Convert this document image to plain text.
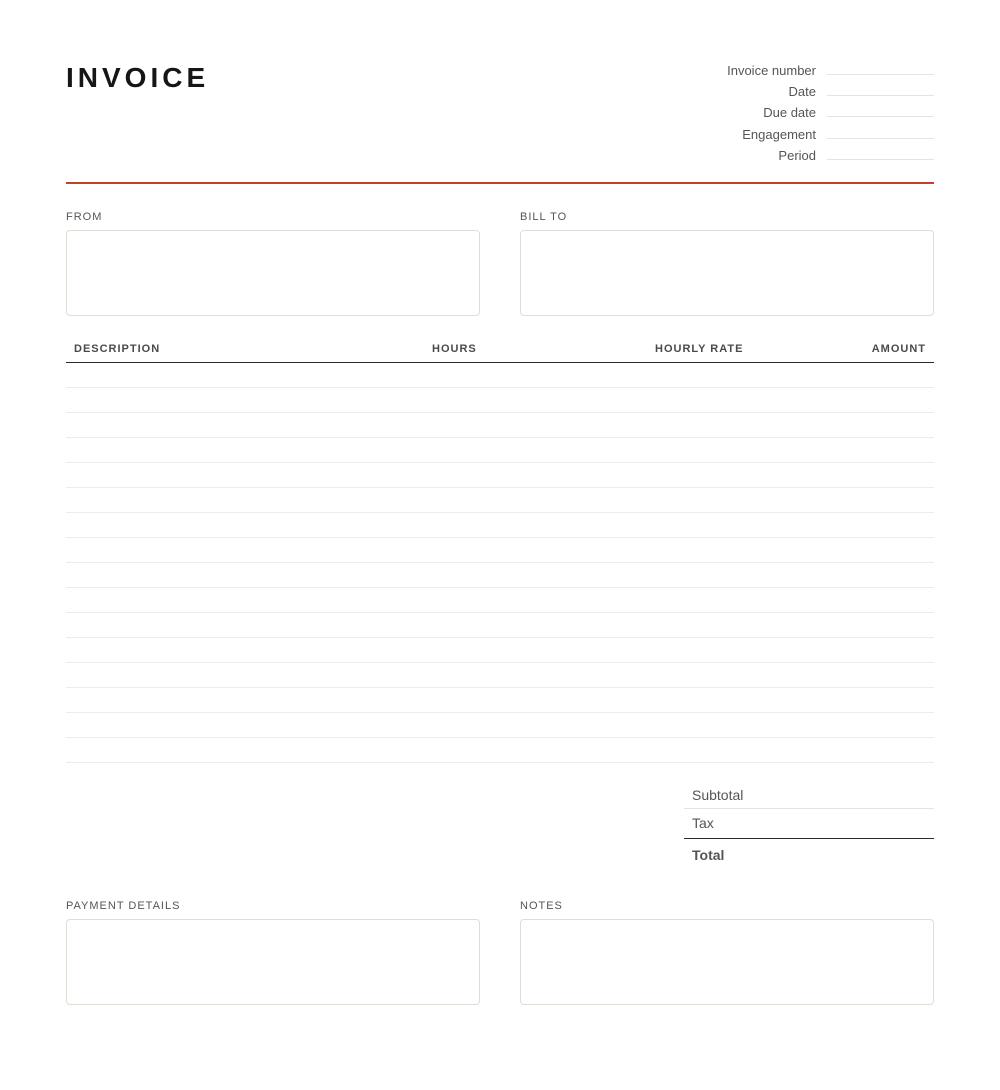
INVOICE	Invoice number
Date
Due date
Engagement
Period
FROM	BILL TO
DESCRIPTION	HOURS	HOURLY RATE	AMOUNT
Subtotal
Tax
Total
PAYMENT DETAILS	NOTES
